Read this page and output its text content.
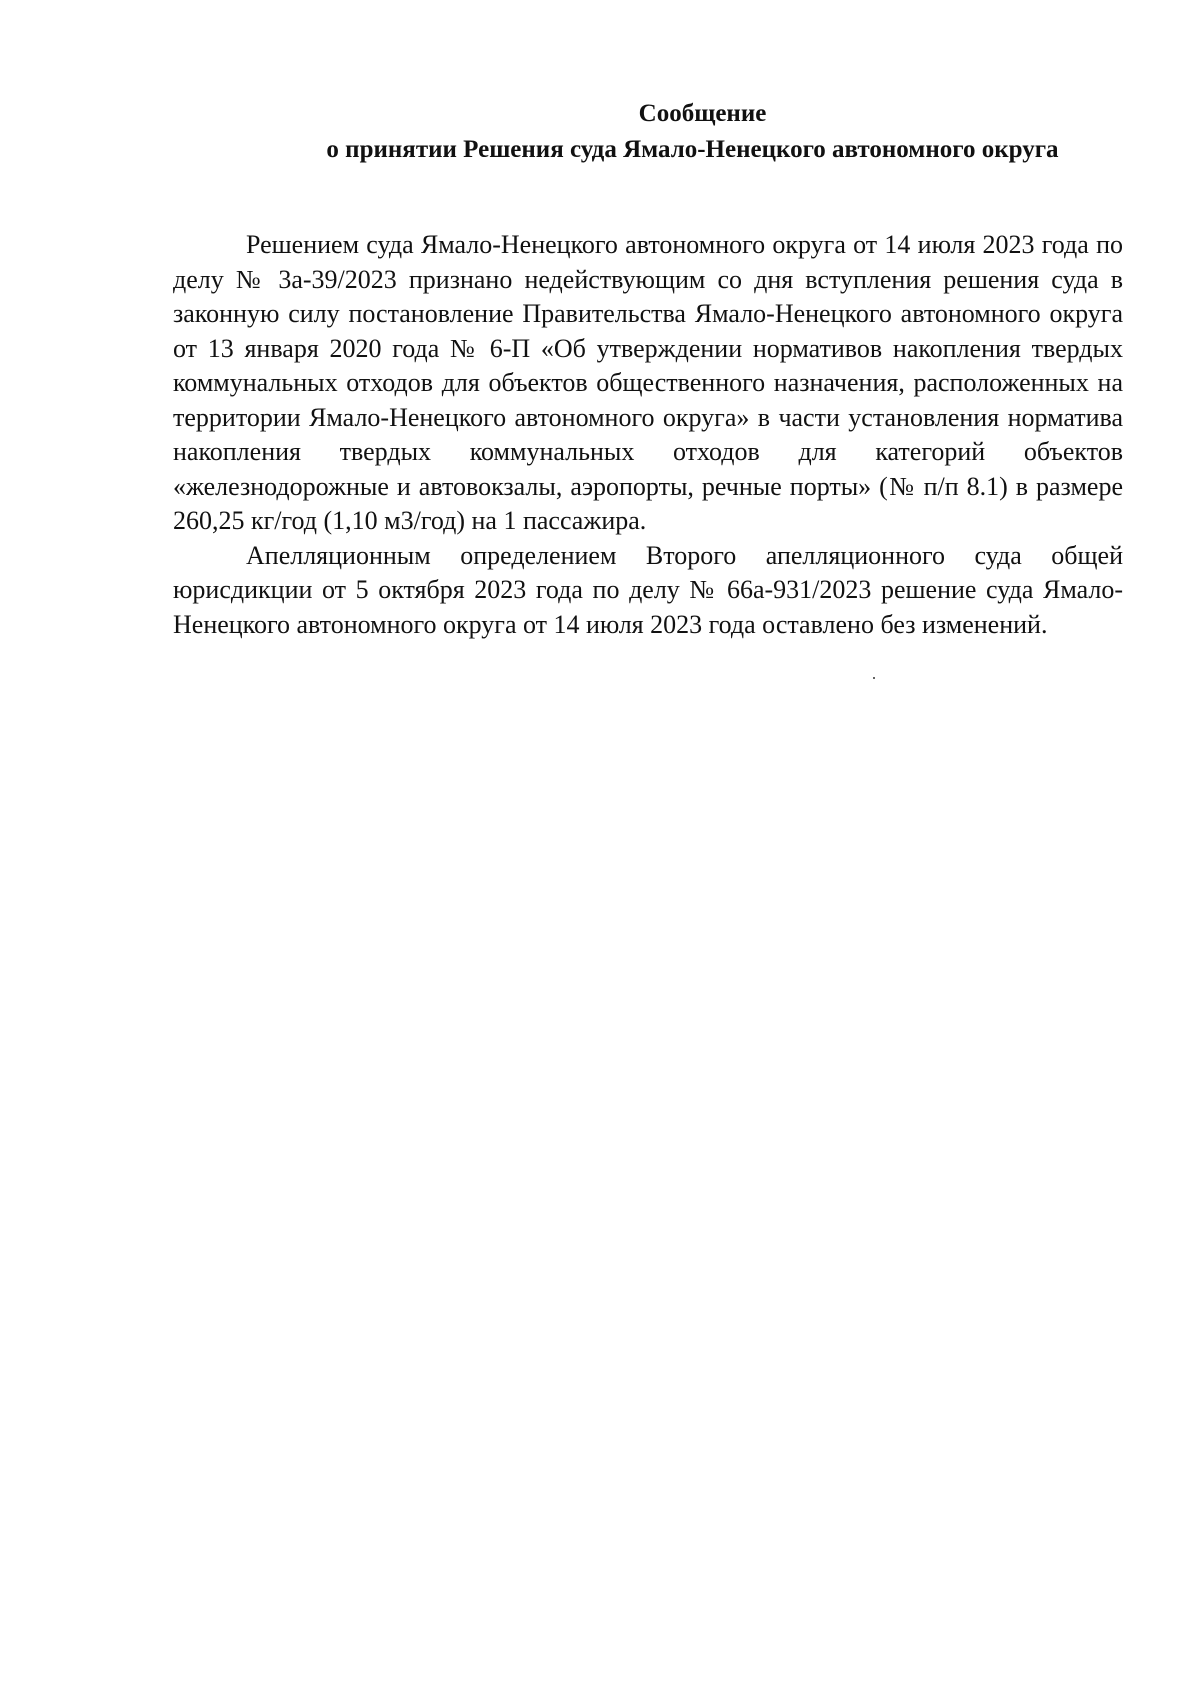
Сообщение
о принятии Решения суда Ямало-Ненецкого автономного округа

Решением суда Ямало-Ненецкого автономного округа от 14 июля 2023 года по делу № 3а-39/2023 признано недействующим со дня вступления решения суда в законную силу постановление Правительства Ямало-Ненецкого автономного округа от 13 января 2020 года № 6-П «Об утверждении нормативов накопления твердых коммунальных отходов для объектов общественного назначения, расположенных на территории Ямало-Ненецкого автономного округа» в части установления норматива накопления твердых коммунальных отходов для категорий объектов «железнодорожные и автовокзалы, аэропорты, речные порты» (№ п/п 8.1) в размере 260,25 кг/год (1,10 м3/год) на 1 пассажира.

Апелляционным определением Второго апелляционного суда общей юрисдикции от 5 октября 2023 года по делу № 66а-931/2023 решение суда Ямало-Ненецкого автономного округа от 14 июля 2023 года оставлено без изменений.
